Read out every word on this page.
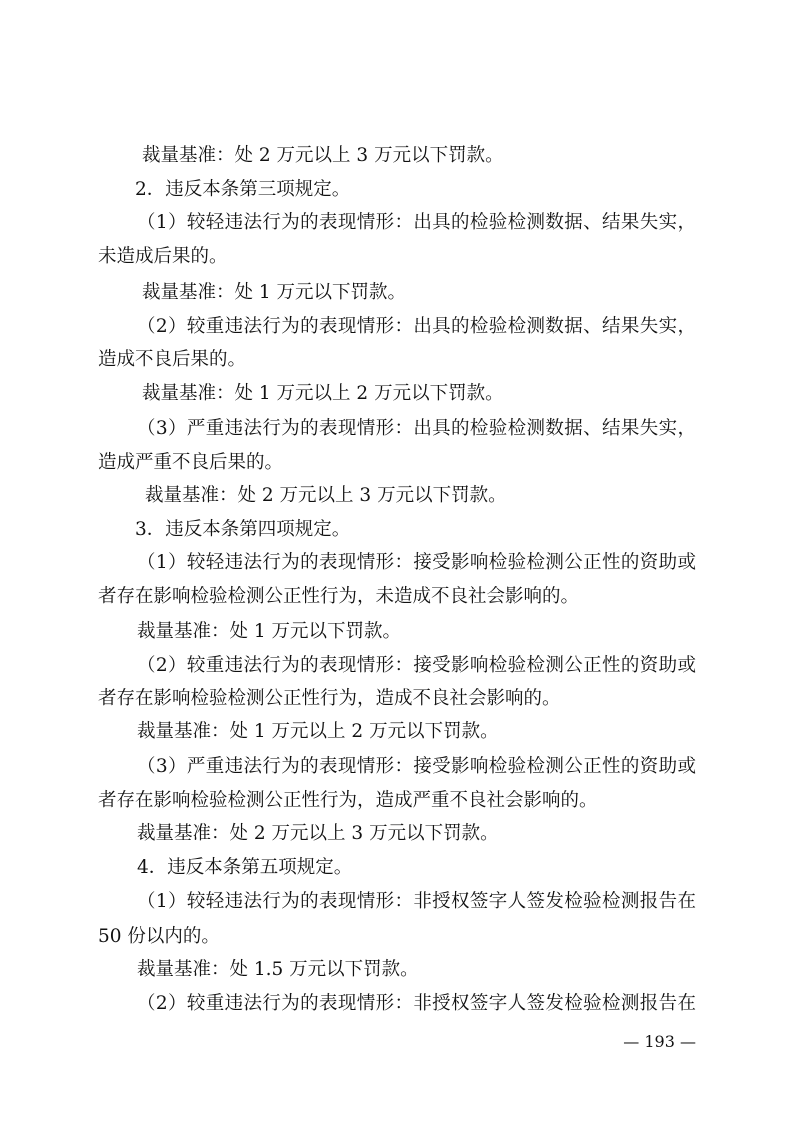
裁量基准：处 2 万元以上 3 万元以下罚款。
2．违反本条第三项规定。
（1）较轻违法行为的表现情形：出具的检验检测数据、结果失实，
未造成后果的。
裁量基准：处 1 万元以下罚款。
（2）较重违法行为的表现情形：出具的检验检测数据、结果失实，
造成不良后果的。
裁量基准：处 1 万元以上 2 万元以下罚款。
（3）严重违法行为的表现情形：出具的检验检测数据、结果失实，
造成严重不良后果的。
裁量基准：处 2 万元以上 3 万元以下罚款。
3．违反本条第四项规定。
（1）较轻违法行为的表现情形：接受影响检验检测公正性的资助或
者存在影响检验检测公正性行为，未造成不良社会影响的。
裁量基准：处 1 万元以下罚款。
（2）较重违法行为的表现情形：接受影响检验检测公正性的资助或
者存在影响检验检测公正性行为，造成不良社会影响的。
裁量基准：处 1 万元以上 2 万元以下罚款。
（3）严重违法行为的表现情形：接受影响检验检测公正性的资助或
者存在影响检验检测公正性行为，造成严重不良社会影响的。
裁量基准：处 2 万元以上 3 万元以下罚款。
4．违反本条第五项规定。
（1）较轻违法行为的表现情形：非授权签字人签发检验检测报告在
50 份以内的。
裁量基准：处 1.5 万元以下罚款。
（2）较重违法行为的表现情形：非授权签字人签发检验检测报告在
— 193 —
